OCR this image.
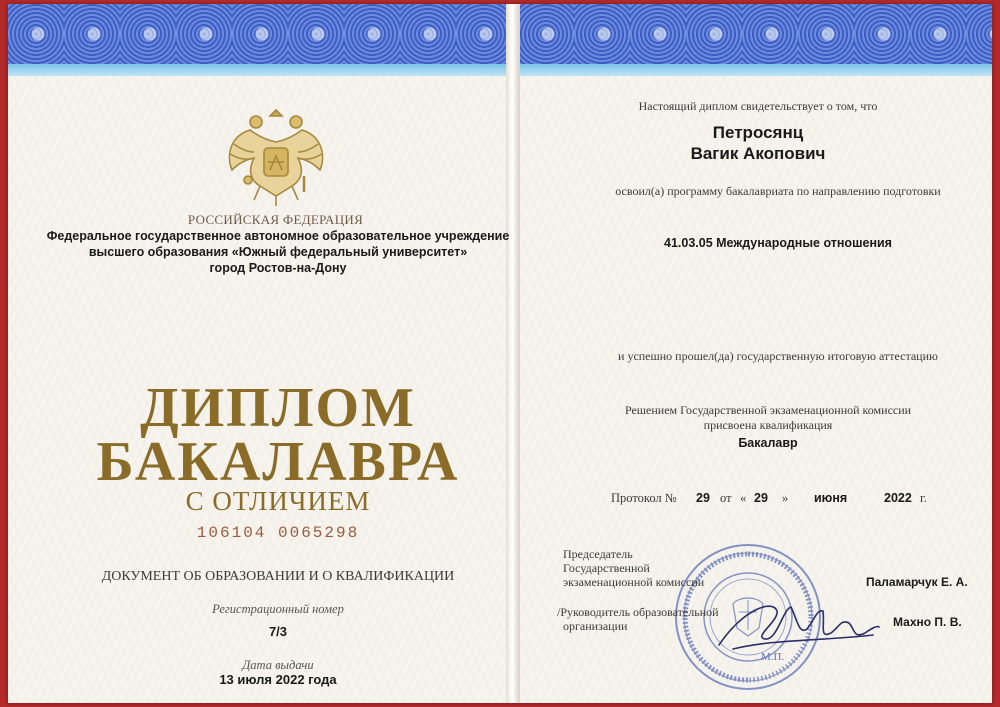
РОССИЙСКАЯ ФЕДЕРАЦИЯ
Федеральное государственное автономное образовательное учреждение
высшего образования «Южный федеральный университет»
город Ростов-на-Дону
ДИПЛОМ
БАКАЛАВРА
С ОТЛИЧИЕМ
106104 0065298
ДОКУМЕНТ ОБ ОБРАЗОВАНИИ И О КВАЛИФИКАЦИИ
Регистрационный номер
7/3
Дата выдачи
13 июля 2022 года
Настоящий диплом свидетельствует о том, что
Петросянц
Вагик Акопович
освоил(а) программу бакалавриата по направлению подготовки
41.03.05 Международные отношения
и успешно прошел(да) государственную итоговую аттестацию
Решением Государственной экзаменационной комиссии
присвоена квалификация
Бакалавр
Протокол № 29 от « 29 » июня	2022 г.
М.П.
Председатель
Государственной
экзаменационной комиссии	Паламарчук Е. А.
/Руководитель образовательной
организации	Махно П. В.
